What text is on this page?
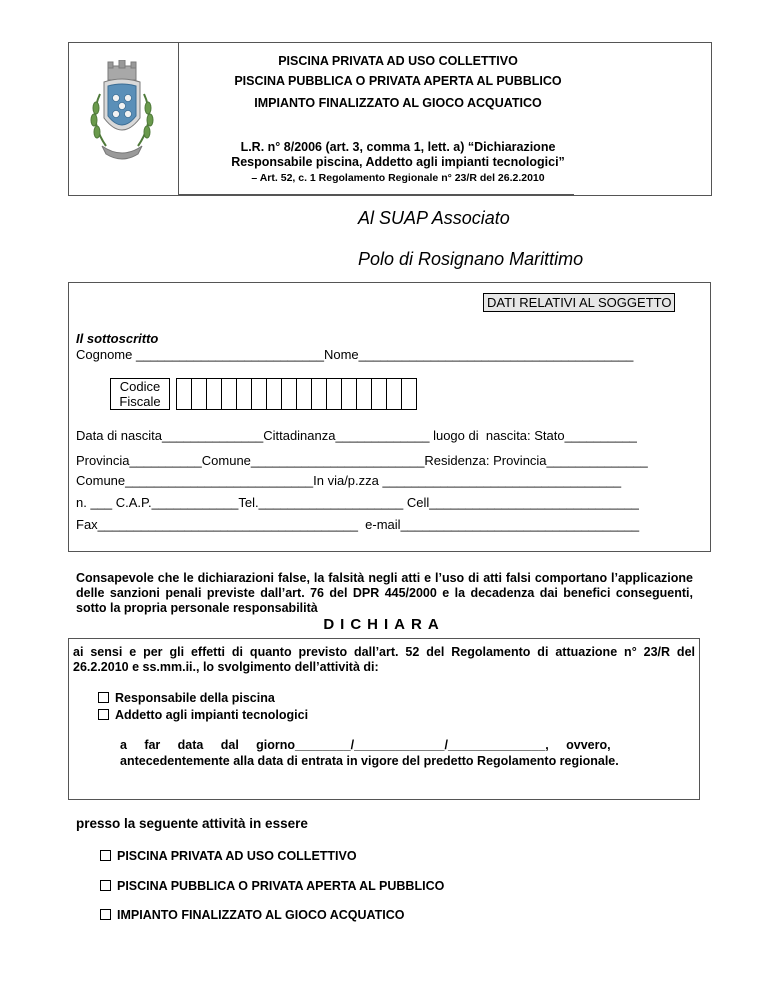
PISCINA PRIVATA AD USO COLLETTIVO
PISCINA PUBBLICA O PRIVATA APERTA AL PUBBLICO
IMPIANTO FINALIZZATO AL GIOCO ACQUATICO
L.R. n° 8/2006 (art. 3, comma 1, lett. a) “Dichiarazione
Responsabile piscina, Addetto agli impianti tecnologici”
– Art. 52, c. 1 Regolamento Regionale n° 23/R del 26.2.2010
Al SUAP Associato
Polo di Rosignano Marittimo
DATI RELATIVI AL SOGGETTO
Il sottoscritto
Cognome __________________________Nome______________________________________
Codice Fiscale
Data di nascita______________Cittadinanza_____________ luogo di  nascita: Stato__________
Provincia__________Comune________________________Residenza: Provincia______________
Comune__________________________In via/p.zza _________________________________
n. ___ C.A.P.____________Tel.____________________ Cell_____________________________
Fax____________________________________  e-mail_________________________________
Consapevole che le dichiarazioni false, la falsità negli atti e l’uso di atti falsi comportano l’applicazione delle sanzioni penali previste dall’art. 76 del DPR 445/2000 e la decadenza dai benefici conseguenti, sotto la propria personale responsabilità
DICHIARA
ai sensi e per gli effetti di quanto previsto dall’art. 52 del Regolamento di attuazione n° 23/R del 26.2.2010 e ss.mm.ii., lo svolgimento dell’attività di:
Responsabile della piscina
Addetto agli impianti tecnologici
a     far     data     dal     giorno________/_____________/______________,     ovvero,
antecedentemente alla data di entrata in vigore del predetto Regolamento regionale.
presso la seguente attività in essere
PISCINA PRIVATA AD USO COLLETTIVO
PISCINA PUBBLICA O PRIVATA APERTA AL PUBBLICO
IMPIANTO FINALIZZATO AL GIOCO ACQUATICO
